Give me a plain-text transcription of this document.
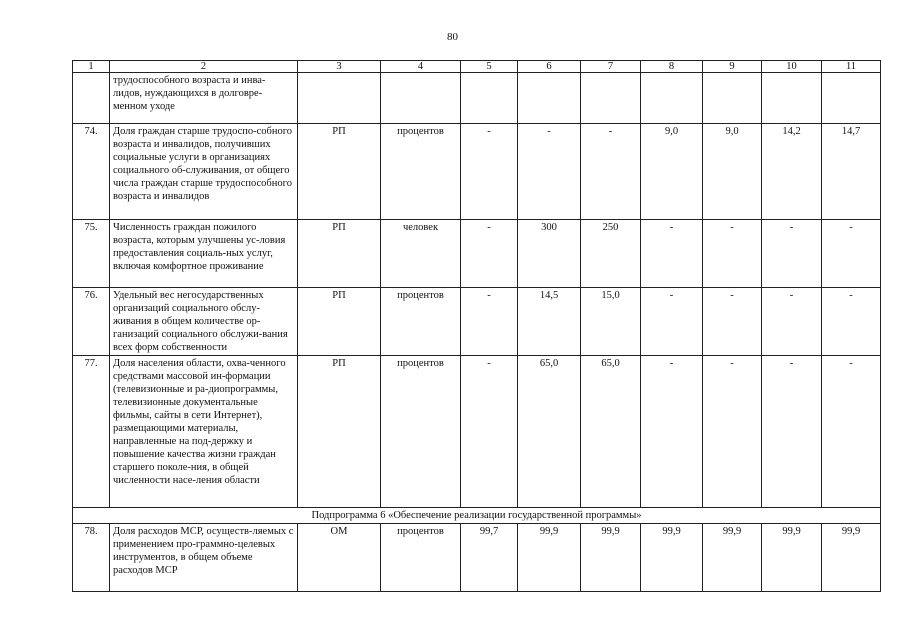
80
1	2	3	4	5	6	7	8	9	10	11
	трудоспособного возраста и инва-лидов, нуждающихся в долговре-менном уходе									
74.	Доля граждан старше трудоспо-собного возраста и инвалидов, получивших социальные услуги в организациях социального об-служивания, от общего числа граждан старше трудоспособного возраста и инвалидов	РП	процентов	-	-	-	9,0	9,0	14,2	14,7
75.	Численность граждан пожилого возраста, которым улучшены ус-ловия предоставления социаль-ных услуг, включая комфортное проживание	РП	человек	-	300	250	-	-	-	-
76.	Удельный вес негосударственных организаций социального обслу-живания в общем количестве ор-ганизаций социального обслужи-вания всех форм собственности	РП	процентов	-	14,5	15,0	-	-	-	-
77.	Доля населения области, охва-ченного средствами массовой ин-формации (телевизионные и ра-диопрограммы, телевизионные документальные фильмы, сайты в сети Интернет), размещающими материалы, направленные на под-держку и повышение качества жизни граждан старшего поколе-ния, в общей численности насе-ления области	РП	процентов	-	65,0	65,0	-	-	-	-
Подпрограмма 6 «Обеспечение реализации государственной программы»										
78.	Доля расходов МСР, осуществ-ляемых с применением про-граммно-целевых инструментов, в общем объеме расходов МСР	ОМ	процентов	99,7	99,9	99,9	99,9	99,9	99,9	99,9
